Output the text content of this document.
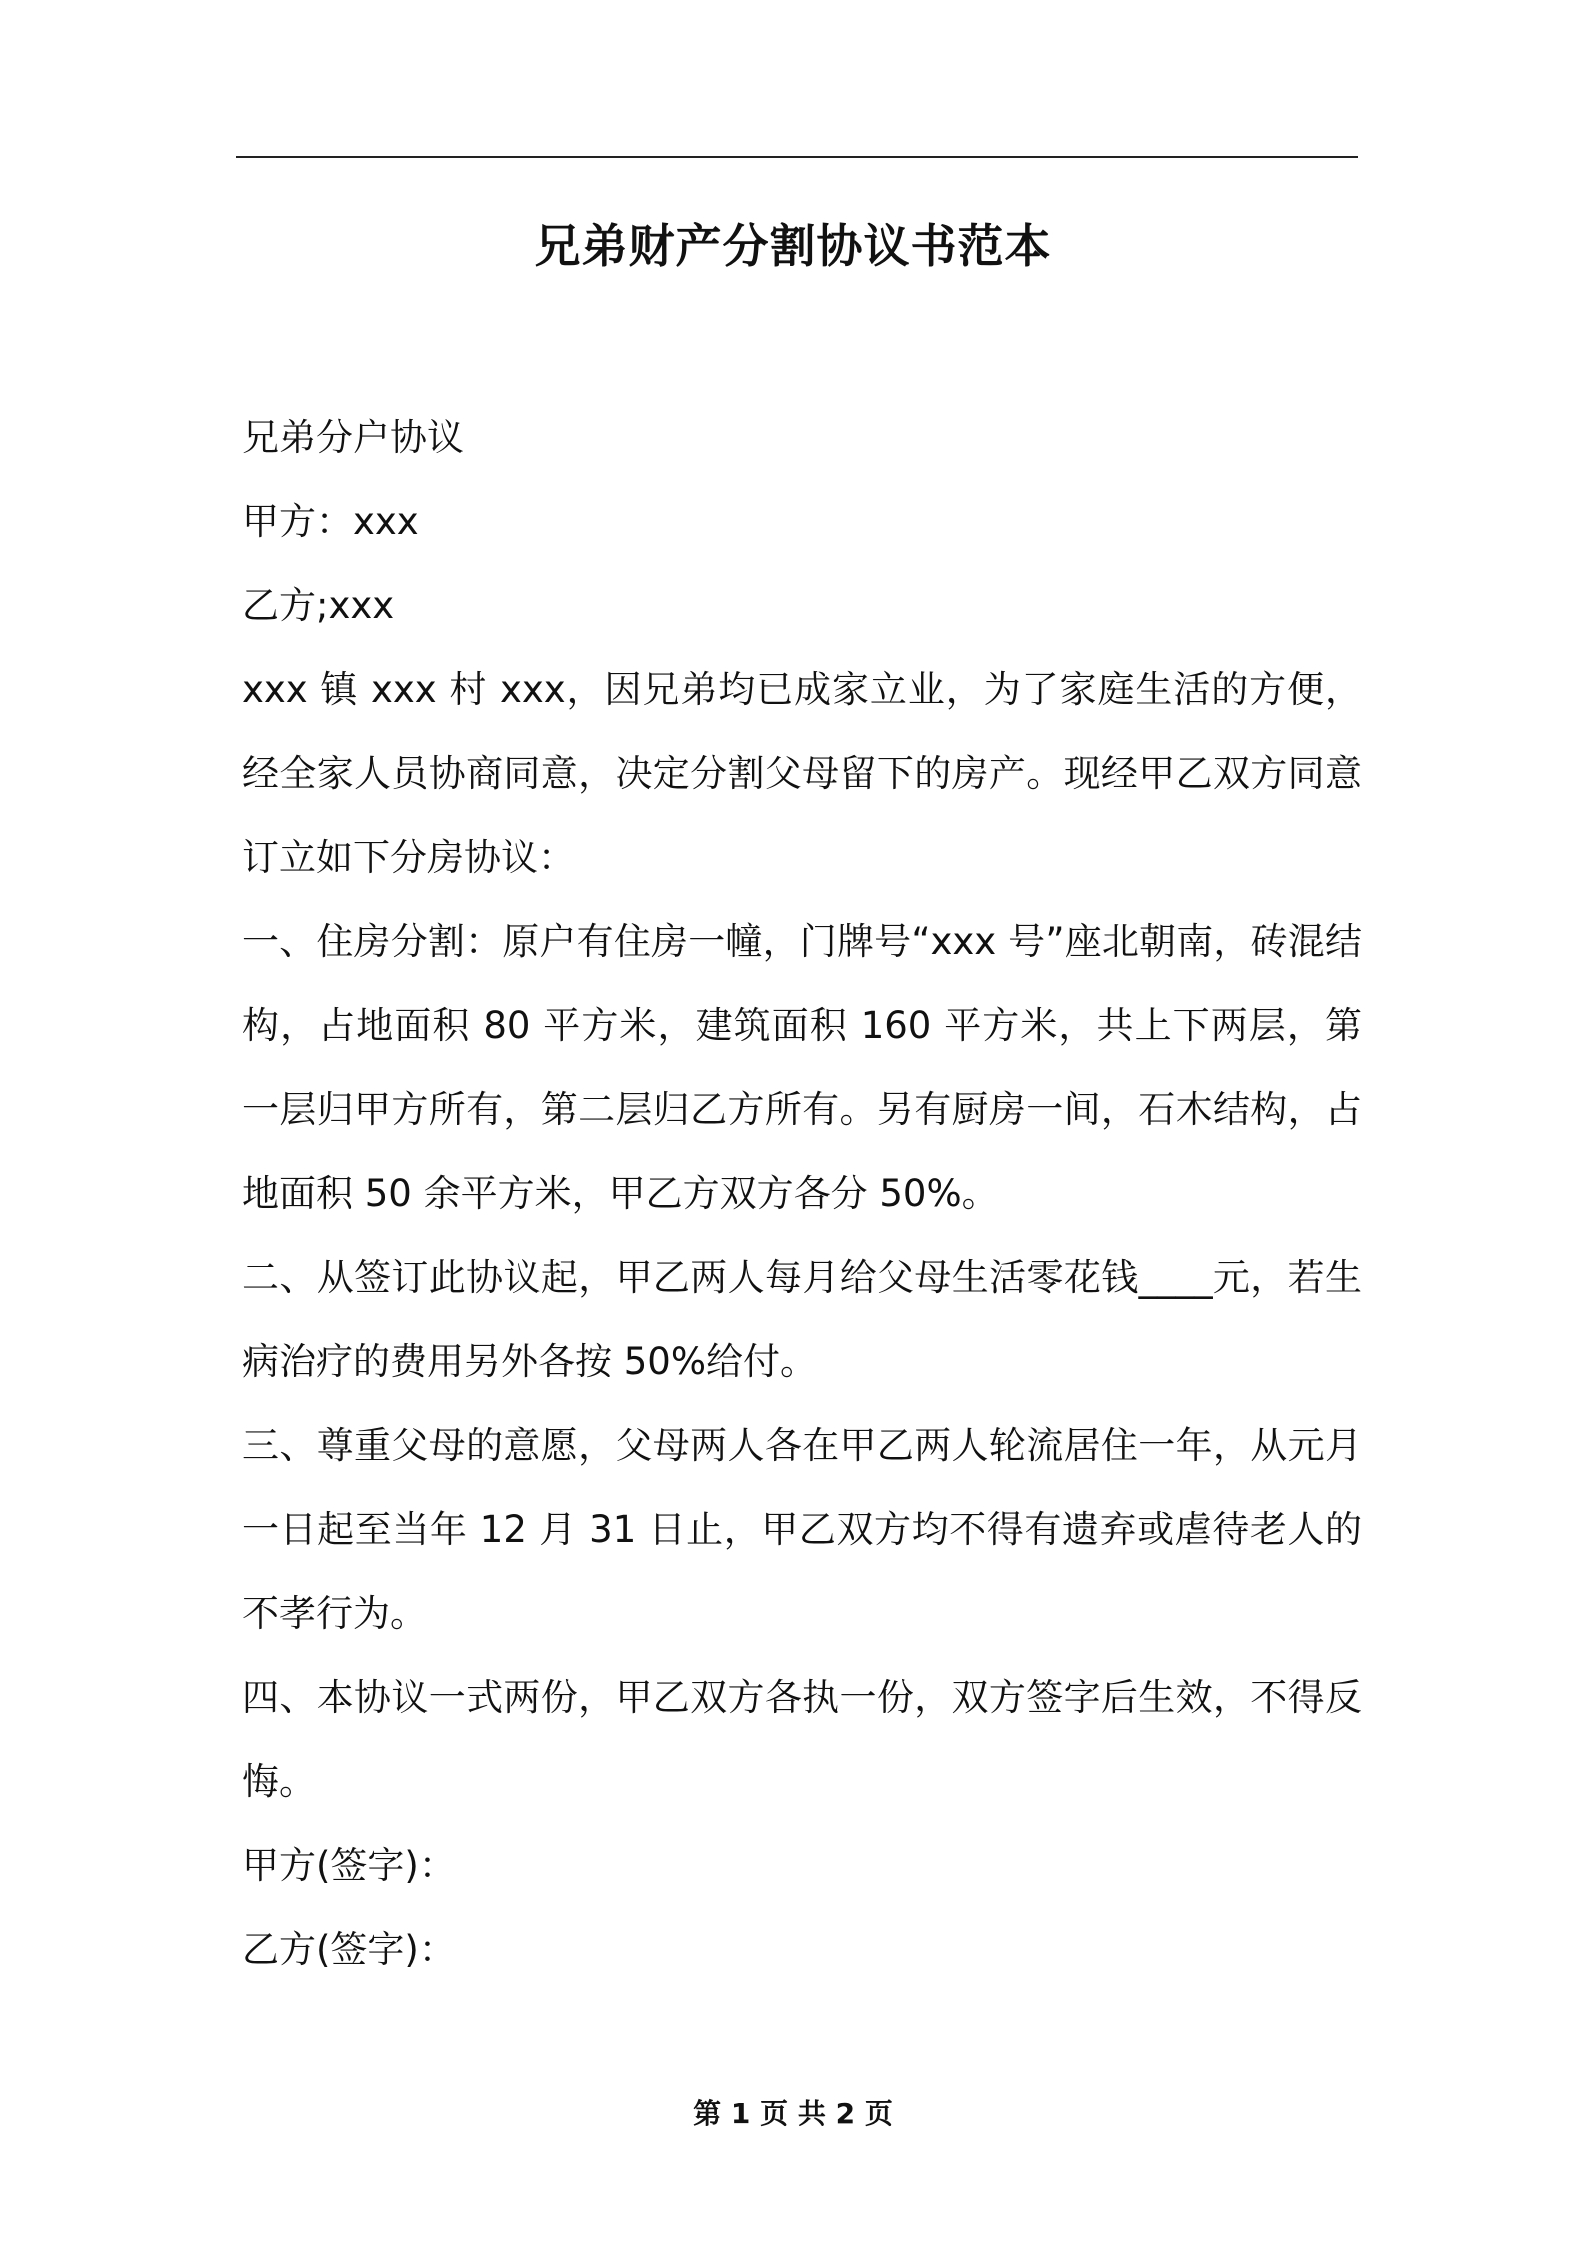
兄弟财产分割协议书范本

兄弟分户协议

甲方：xxx

乙方;xxx

xxx 镇 xxx 村 xxx，因兄弟均已成家立业，为了家庭生活的方便，经全家人员协商同意，决定分割父母留下的房产。现经甲乙双方同意订立如下分房协议：

一、住房分割：原户有住房一幢，门牌号“xxx 号”座北朝南，砖混结构，占地面积 80 平方米，建筑面积 160 平方米，共上下两层，第一层归甲方所有，第二层归乙方所有。另有厨房一间，石木结构，占地面积 50 余平方米，甲乙方双方各分 50%。

二、从签订此协议起，甲乙两人每月给父母生活零花钱____元，若生病治疗的费用另外各按 50%给付。

三、尊重父母的意愿，父母两人各在甲乙两人轮流居住一年，从元月一日起至当年 12 月 31 日止，甲乙双方均不得有遗弃或虐待老人的不孝行为。

四、本协议一式两份，甲乙双方各执一份，双方签字后生效，不得反悔。

甲方(签字)：

乙方(签字)：

第 1 页 共 2 页
